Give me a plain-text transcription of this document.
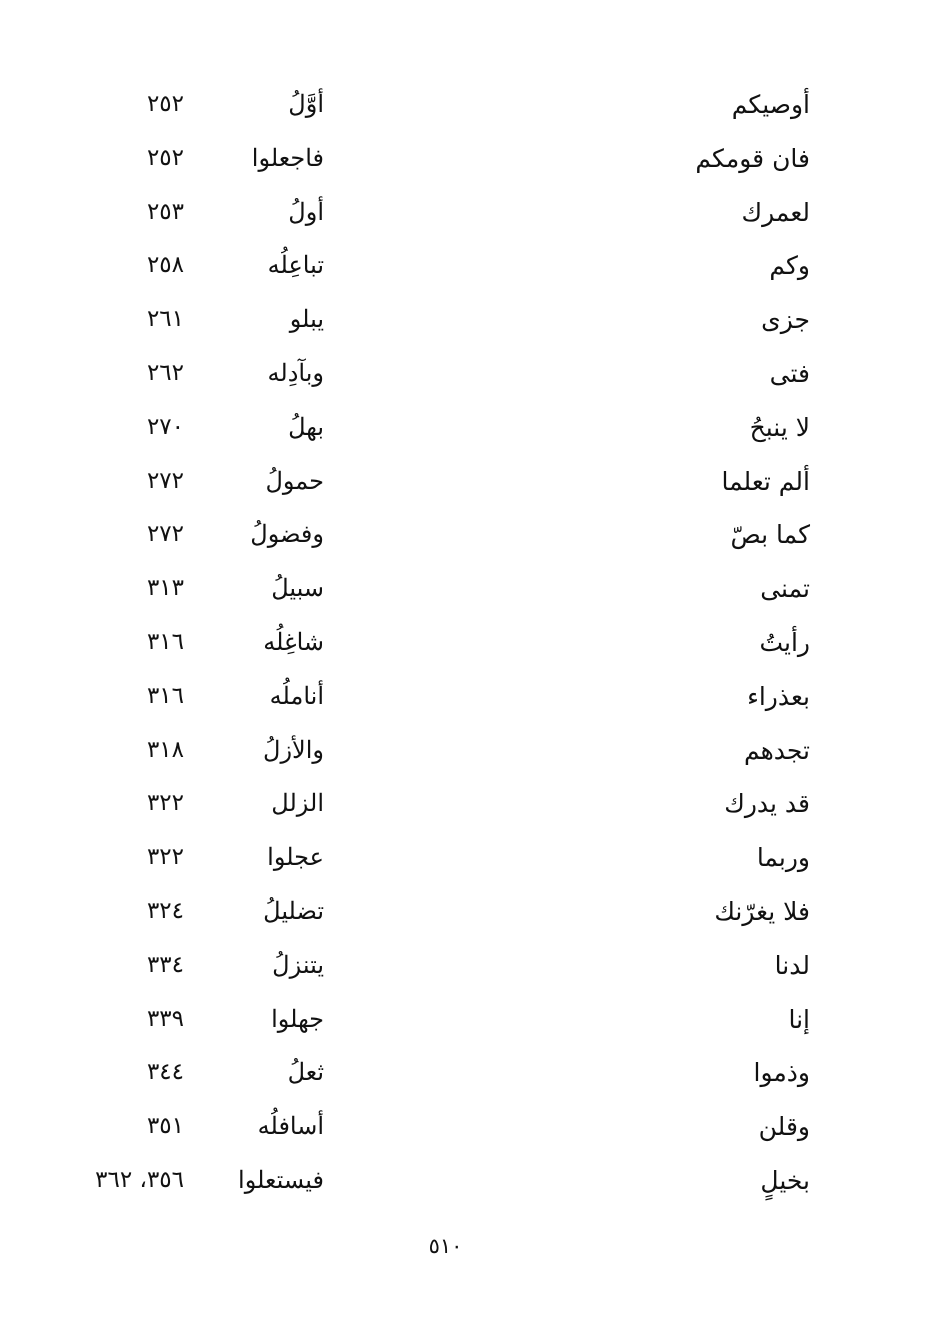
أوصيكم
أوَّلُ
٢٥٢
فان قومكم
فاجعلوا
٢٥٢
لعمرك
أولُ
٢٥٣
وكم
تباعِلُه
٢٥٨
جزى
يبلو
٢٦١
فتى
وبآدِله
٢٦٢
لا ينبحُ
بهلُ
٢٧٠
ألم تعلما
حمولُ
٢٧٢
كما بصّ
وفضولُ
٢٧٢
تمنى
سبيلُ
٣١٣
رأيتُ
شاغِلُه
٣١٦
بعذراء
أناملُه
٣١٦
تجدهم
والأزلُ
٣١٨
قد يدرك
الزلل
٣٢٢
وربما
عجلوا
٣٢٢
فلا يغرّنك
تضليلُ
٣٢٤
لدنا
يتنزلُ
٣٣٤
إنا
جهلوا
٣٣٩
وذموا
ثعلُ
٣٤٤
وقلن
أسافلُه
٣٥١
بخيلٍ
فيستعلوا
٣٥٦، ٣٦٢
٥١٠
